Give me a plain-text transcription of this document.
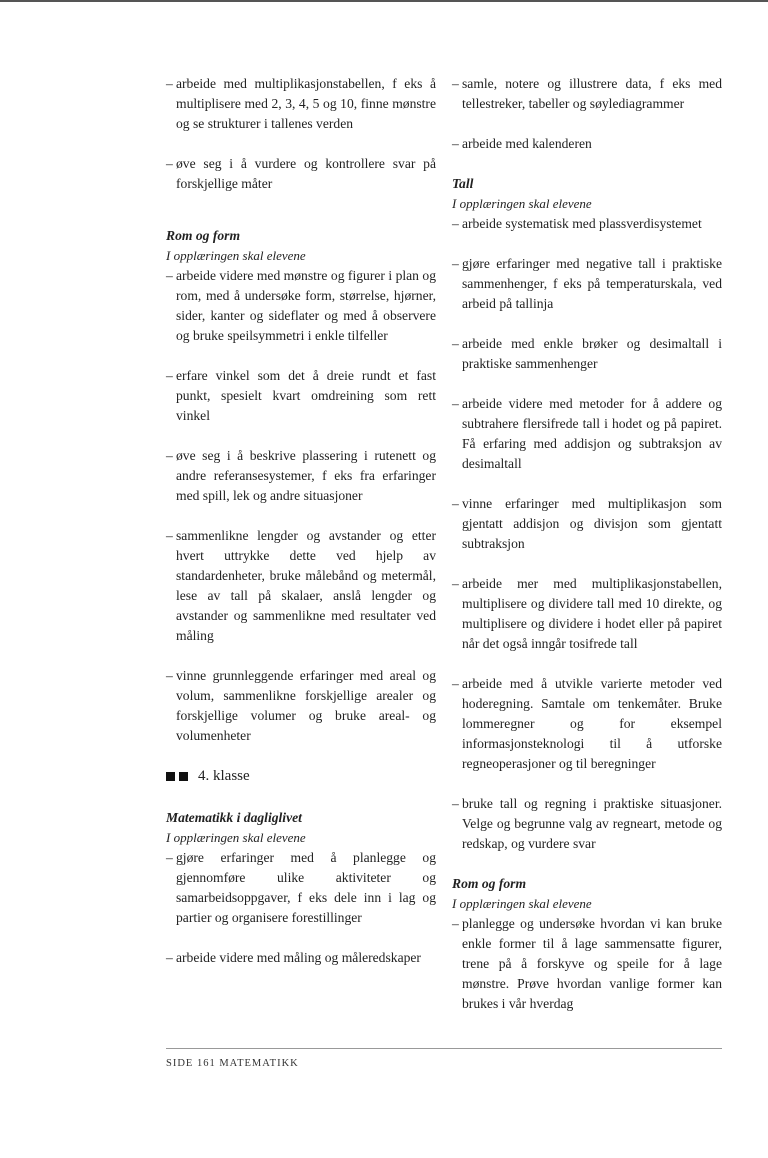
– arbeide med multiplikasjonstabellen, f eks å multiplisere med 2, 3, 4, 5 og 10, finne mønstre og se strukturer i tallenes verden
– øve seg i å vurdere og kontrollere svar på forskjellige måter

Rom og form

I opplæringen skal elevene

– arbeide videre med mønstre og figurer i plan og rom, med å undersøke form, størrelse, hjørner, sider, kanter og sideflater og med å observere og bruke speilsymmetri i enkle tilfeller
– erfare vinkel som det å dreie rundt et fast punkt, spesielt kvart omdreining som rett vinkel
– øve seg i å beskrive plassering i rutenett og andre referansesystemer, f eks fra erfaringer med spill, lek og andre situasjoner
– sammenlikne lengder og avstander og etter hvert uttrykke dette ved hjelp av standardenheter, bruke målebånd og metermål, lese av tall på skalaer, anslå lengder og avstander og sammenlikne med resultater ved måling
– vinne grunnleggende erfaringer med areal og volum, sammenlikne forskjellige arealer og forskjellige volumer og bruke areal- og volumenheter
4. klasse

Matematikk i dagliglivet

I opplæringen skal elevene

– gjøre erfaringer med å planlegge og gjennomføre ulike aktiviteter og samarbeidsoppgaver, f eks dele inn i lag og partier og organisere forestillinger
– arbeide videre med måling og måleredskaper
– samle, notere og illustrere data, f eks med tellestreker, tabeller og søylediagrammer
– arbeide med kalenderen

Tall

I opplæringen skal elevene

– arbeide systematisk med plassverdisystemet
– gjøre erfaringer med negative tall i praktiske sammenhenger, f eks på temperaturskala, ved arbeid på tallinja
– arbeide med enkle brøker og desimaltall i praktiske sammenhenger
– arbeide videre med metoder for å addere og subtrahere flersifrede tall i hodet og på papiret. Få erfaring med addisjon og subtraksjon av desimaltall
– vinne erfaringer med multiplikasjon som gjentatt addisjon og divisjon som gjentatt subtraksjon
– arbeide mer med multiplikasjonstabellen, multiplisere og dividere tall med 10 direkte, og multiplisere og dividere i hodet eller på papiret når det også inngår tosifrede tall
– arbeide med å utvikle varierte metoder ved hoderegning. Samtale om tenkemåter. Bruke lommeregner og for eksempel informasjonsteknologi til å utforske regneoperasjoner og til beregninger
– bruke tall og regning i praktiske situasjoner. Velge og begrunne valg av regneart, metode og redskap, og vurdere svar

Rom og form

I opplæringen skal elevene

– planlegge og undersøke hvordan vi kan bruke enkle former til å lage sammensatte figurer, trene på å forskyve og speile for å lage mønstre. Prøve hvordan vanlige former kan brukes i vår hverdag
SIDE 161 MATEMATIKK
